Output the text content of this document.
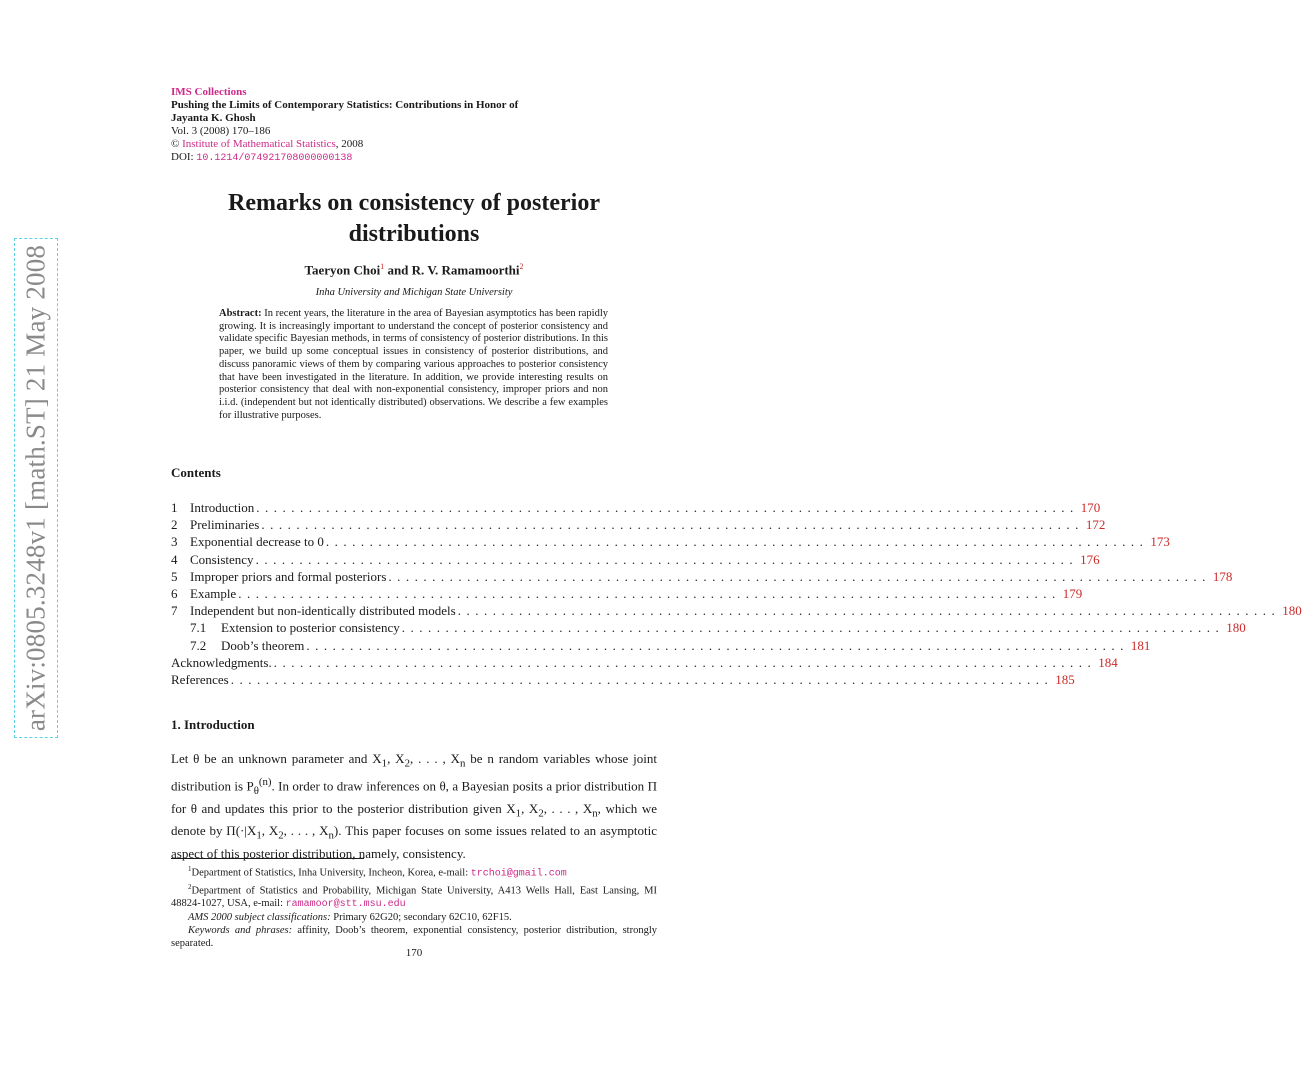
arXiv:0805.3248v1 [math.ST] 21 May 2008
IMS Collections
Pushing the Limits of Contemporary Statistics: Contributions in Honor of
Jayanta K. Ghosh
Vol. 3 (2008) 170–186
© Institute of Mathematical Statistics, 2008
DOI: 10.1214/074921708000000138
Remarks on consistency of posterior
distributions
Taeryon Choi$^1$ and R. V. Ramamoorthi$^2$
Inha University and Michigan State University
Abstract: In recent years, the literature in the area of Bayesian asymptotics has been rapidly growing. It is increasingly important to understand the concept of posterior consistency and validate specific Bayesian methods, in terms of consistency of posterior distributions. In this paper, we build up some conceptual issues in consistency of posterior distributions, and discuss panoramic views of them by comparing various approaches to posterior consistency that have been investigated in the literature. In addition, we provide interesting results on posterior consistency that deal with non-exponential consistency, improper priors and non i.i.d. (independent but not identically distributed) observations. We describe a few examples for illustrative purposes.
Contents
1 Introduction .............................................................................................. 170
2 Preliminaries .............................................................................................. 172
3 Exponential decrease to 0 .............................................................................................. 173
4 Consistency .............................................................................................. 176
5 Improper priors and formal posteriors .............................................................................................. 178
6 Example .............................................................................................. 179
7 Independent but non-identically distributed models .............................................................................................. 180
7.1	Extension to posterior consistency .............................................................................................. 180
7.2	Doob’s theorem .............................................................................................. 181
Acknowledgments. .............................................................................................. 184
References .............................................................................................. 185
1. Introduction
Let θ be an unknown parameter and $X_1$, $X_2$, . . . , $X_n$ be n random variables whose joint distribution is $P_\theta^{(n)}$. In order to draw inferences on θ, a Bayesian posits a prior distribution Π for θ and updates this prior to the posterior distribution given $X_1$, $X_2$, . . . , $X_n$, which we denote by $\Pi(\cdot|X_1$, $X_2$, . . . , $X_n$). This paper focuses on some issues related to an asymptotic aspect of this posterior distribution, namely, consistency.

$^1$Department of Statistics, Inha University, Incheon, Korea, e-mail: trchoi@gmail.com

$^2$Department of Statistics and Probability, Michigan State University, A413 Wells Hall, East Lansing, MI 48824-1027, USA, e-mail: ramamoor@stt.msu.edu

AMS 2000 subject classifications: Primary 62G20; secondary 62C10, 62F15.

Keywords and phrases: affinity, Doob’s theorem, exponential consistency, posterior distribution, strongly separated.

170
